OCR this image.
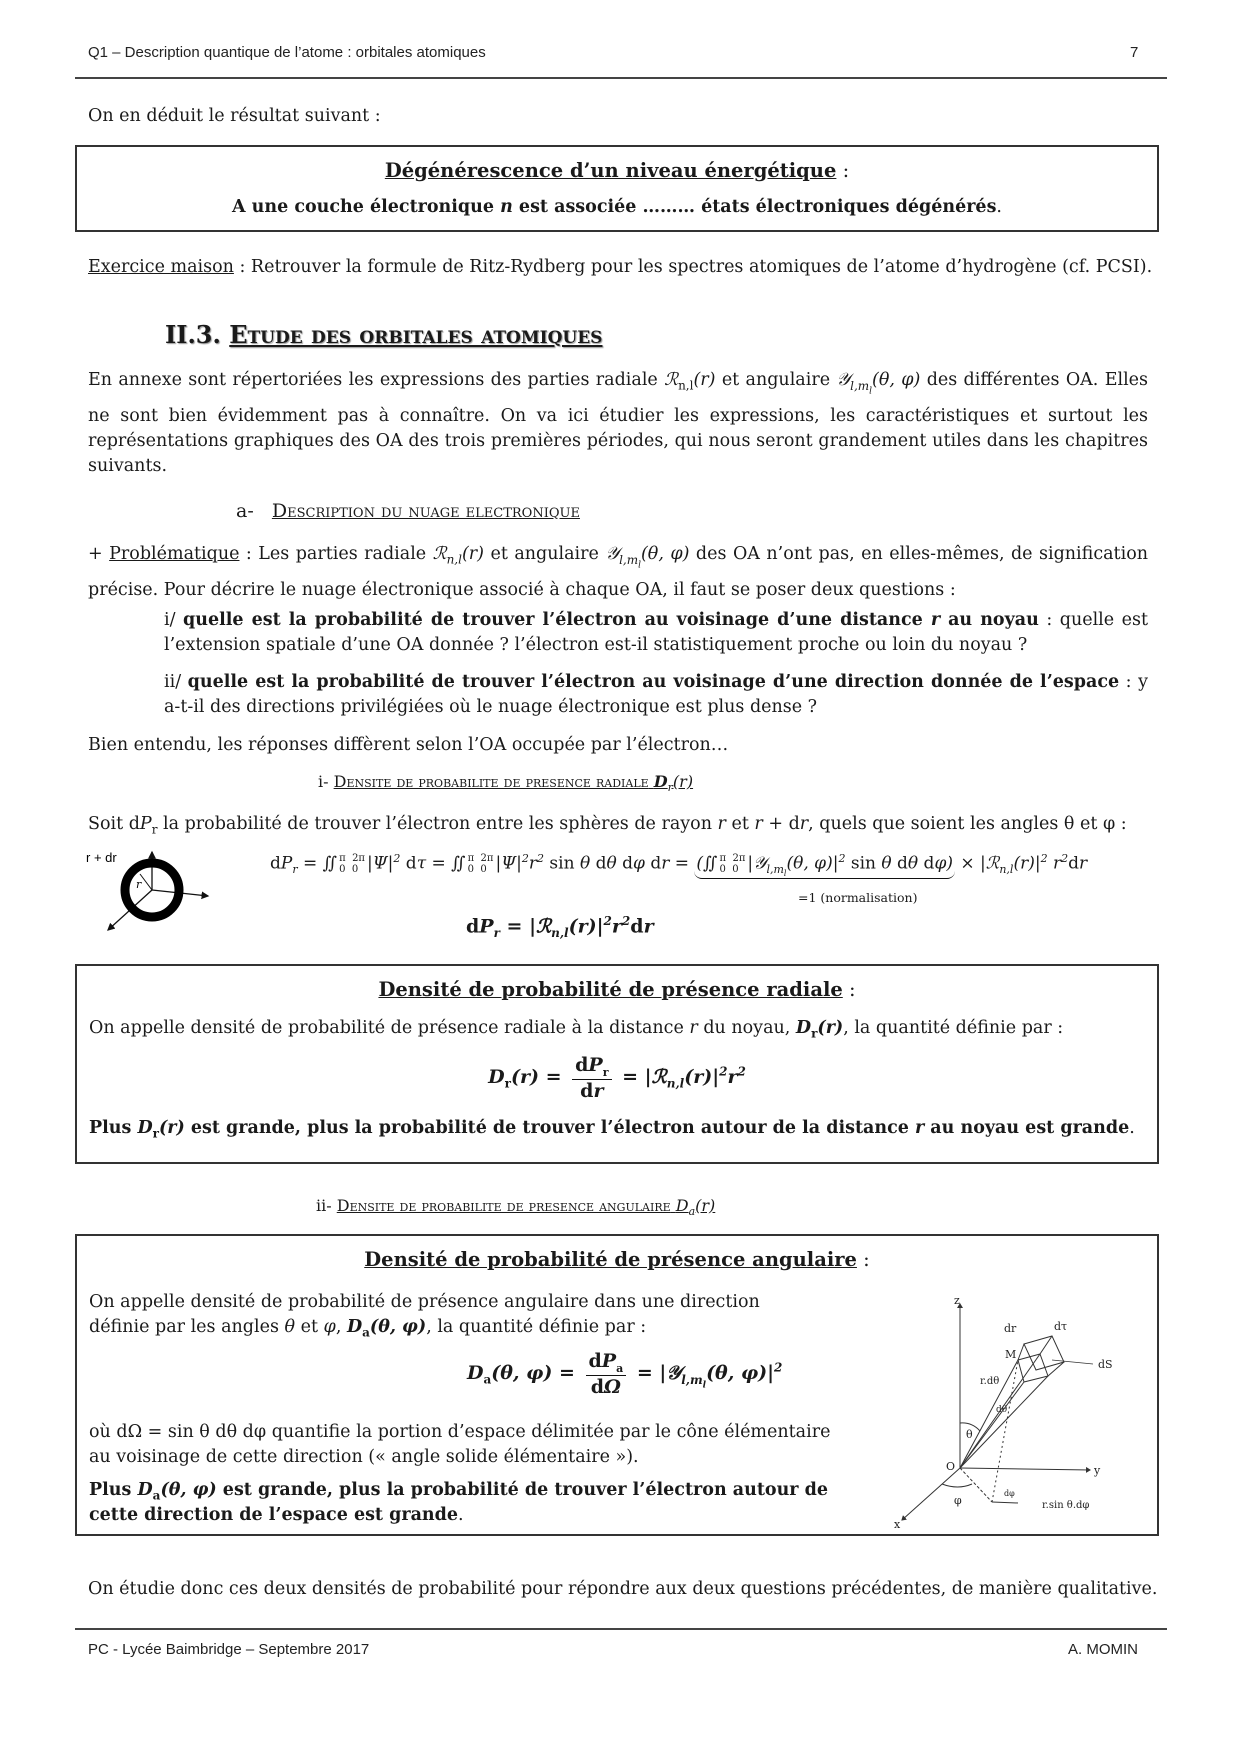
Q1 – Description quantique de l’atome : orbitales atomiques	7
On en déduit le résultat suivant :
Dégénérescence d’un niveau énergétique :
A une couche électronique n est associée ……… états électroniques dégénérés.
Exercice maison : Retrouver la formule de Ritz-Rydberg pour les spectres atomiques de l’atome d’hydrogène (cf. PCSI).
II.3. Etude des orbitales atomiques
En annexe sont répertoriées les expressions des parties radiale ℛ$_{n,l}$(r) et angulaire 𝒴$_{l,m_l}$(θ, φ) des différentes OA. Elles ne sont bien évidemment pas à connaître. On va ici étudier les expressions, les caractéristiques et surtout les représentations graphiques des OA des trois premières périodes, qui nous seront grandement utiles dans les chapitres suivants.
a- Description du nuage electronique
+ Problématique : Les parties radiale ℛ$_{n,l}$(r) et angulaire 𝒴$_{l,m_l}$(θ, φ) des OA n’ont pas, en elles-mêmes, de signification précise. Pour décrire le nuage électronique associé à chaque OA, il faut se poser deux questions :
i/ quelle est la probabilité de trouver l’électron au voisinage d’une distance r au noyau : quelle est l’extension spatiale d’une OA donnée ? l’électron est-il statistiquement proche ou loin du noyau ?
ii/ quelle est la probabilité de trouver l’électron au voisinage d’une direction donnée de l’espace : y a-t-il des directions privilégiées où le nuage électronique est plus dense ?
Bien entendu, les réponses diffèrent selon l’OA occupée par l’électron…
i- Densite de probabilite de presence radiale $D_r(r)$
Soit $dP_r$ la probabilité de trouver l’électron entre les sphères de rayon r et r + dr, quels que soient les angles θ et φ :
r + dr
r
$dP_r$ = ∬ π  2π
0  0 $|\Psi|^2$ dτ = ∬ π  2π
0  0 $|\Psi|^2r^2$ sin θ dθ dφ dr = (∬ π  2π
0  0 |𝒴$_{l,m_l}$(θ, $\varphi)|^2$ sin θ dθ $d\varphi) \times |ℛ_{n,l}(r)|^2$ $r^2dr$
=1 (normalisation)
$dP_r$ = $|ℛ_{n,l}(r)|^2r^2dr$
Densité de probabilité de présence radiale :
On appelle densité de probabilité de présence radiale à la distance r du noyau, $D_r(r)$, la quantité définie par :
$D_r(r) = \frac{dP_r}{dr}$ = $|ℛ_{n,l}(r)|^2r^2$
Plus $D_r(r)$ est grande, plus la probabilité de trouver l’électron autour de la distance r au noyau est grande.
ii- Densite de probabilite de presence angulaire $D_a(r)$
Densité de probabilité de présence angulaire :
On appelle densité de probabilité de présence angulaire dans une direction
définie par les angles θ et φ, $D_a(\theta$, φ), la quantité définie par :
$D_a(\theta$, $\varphi) = \frac{dP_a}{d\Omega}$ = |𝒴$_{l,m_l}$(θ, $\varphi)|^2$
où dΩ = sin θ dθ dφ quantifie la portion d’espace délimitée par le cône élémentaire
au voisinage de cette direction (« angle solide élémentaire »).
Plus $D_a(\theta$, φ) est grande, plus la probabilité de trouver l’électron autour de
cette direction de l’espace est grande.
z
y
x
O
M
dr	dτ
dS
r.dθ
dθ
θ
φ
dφ
r.sin θ.dφ
On étudie donc ces deux densités de probabilité pour répondre aux deux questions précédentes, de manière qualitative.
PC - Lycée Baimbridge – Septembre 2017	A. MOMIN
